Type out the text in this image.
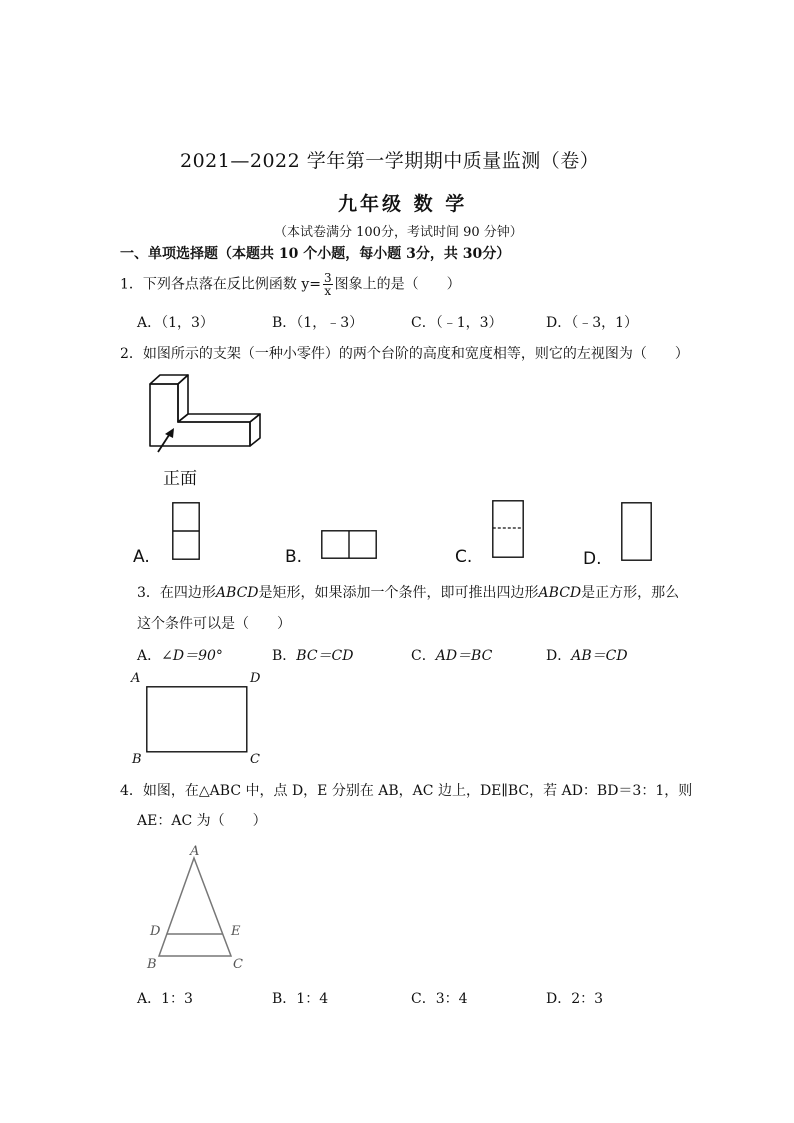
2021—2022 学年第一学期期中质量监测（卷）
九年级 数 学
（本试卷满分 100分，考试时间 90 分钟）
一、单项选择题（本题共 10 个小题，每小题 3分，共 30分）
1．下列各点落在反比例函数 $y= \frac{3}{x}$ 图象上的是（　　）
A．（1，3）	B．（1，﹣3）	C．（﹣1，3）	D．（﹣3，1）
2．如图所示的支架（一种小零件）的两个台阶的高度和宽度相等，则它的左视图为（　　）
正面
A.	B.	C.	D.
3．在四边形ABCD是矩形，如果添加一个条件，即可推出四边形ABCD是正方形，那么
这个条件可以是（　　）
A．∠D＝90°	B．BC＝CD	C．AD＝BC	D．AB＝CD
A	D
B	C
4．如图，在△ABC 中，点 D，E 分别在 AB，AC 边上，DE∥BC，若 AD：BD＝3：1，则
AE：AC 为（　　）
A
D	E
B	C
A．1：3	B．1：4	C．3：4	D．2：3
